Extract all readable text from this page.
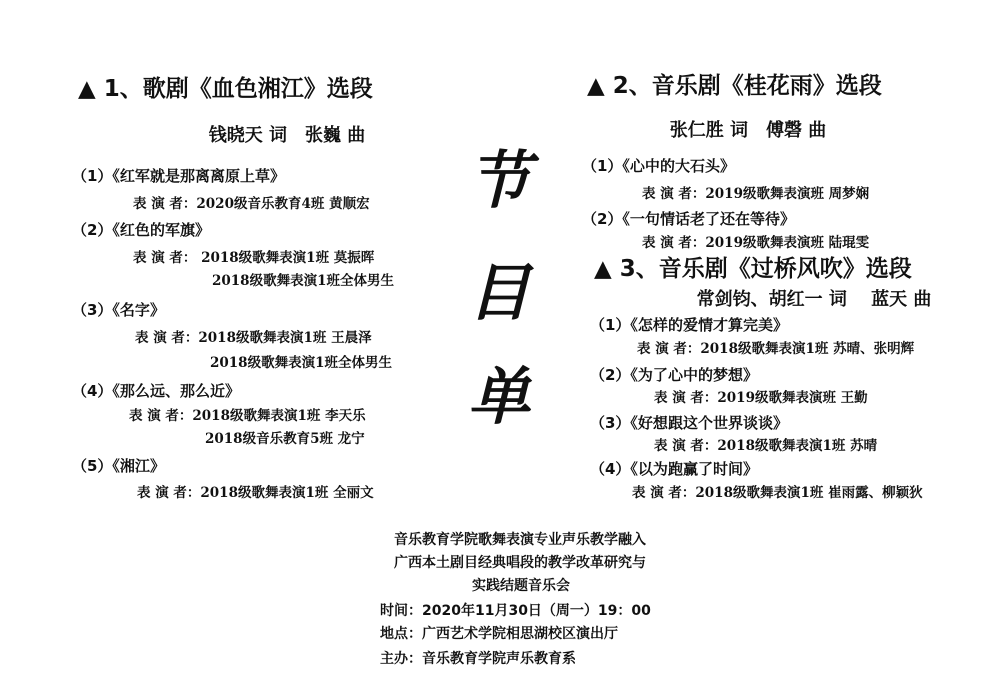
节
目
单
▲ 1、歌剧《血色湘江》选段
钱晓天 词　张巍 曲
（1）《红军就是那离离原上草》
表 演 者：2020级音乐教育4班 黄顺宏
（2）《红色的军旗》
表 演 者： 2018级歌舞表演1班 莫振晖
2018级歌舞表演1班全体男生
（3）《名字》
表 演 者：2018级歌舞表演1班 王晨泽
2018级歌舞表演1班全体男生
（4）《那么远、那么近》
表 演 者：2018级歌舞表演1班 李天乐
2018级音乐教育5班 龙宁
（5）《湘江》
表 演 者：2018级歌舞表演1班 全丽文
▲ 2、音乐剧《桂花雨》选段
张仁胜 词　傅磬 曲
（1）《心中的大石头》
表 演 者：2019级歌舞表演班 周梦娴
（2）《一句情话老了还在等待》
表 演 者：2019级歌舞表演班 陆琨雯
▲ 3、音乐剧《过桥风吹》选段
常剑钧、胡红一 词　 蓝天 曲
（1）《怎样的爱情才算完美》
表 演 者：2018级歌舞表演1班 苏晴、张明辉
（2）《为了心中的梦想》
表 演 者：2019级歌舞表演班 王勤
（3）《好想跟这个世界谈谈》
表 演 者：2018级歌舞表演1班 苏晴
（4）《以为跑赢了时间》
表 演 者：2018级歌舞表演1班 崔雨露、柳颖狄
音乐教育学院歌舞表演专业声乐教学融入
广西本土剧目经典唱段的教学改革研究与
实践结题音乐会
时间：2020年11月30日（周一）19：00
地点：广西艺术学院相思湖校区演出厅
主办：音乐教育学院声乐教育系
